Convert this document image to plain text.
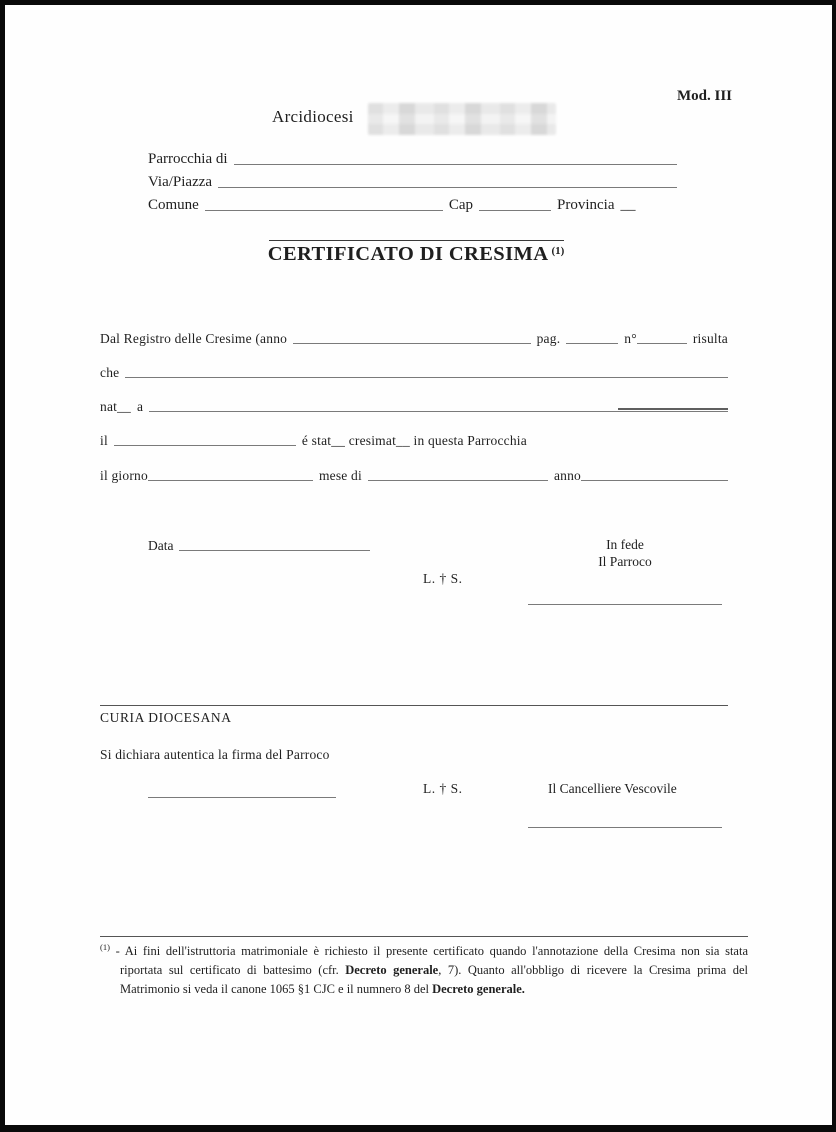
Mod. III
Arcidiocesi
Parrocchia di
Via/Piazza
Comune	Cap	Provincia __
CERTIFICATO DI CRESIMA $^{(1)}$
Dal Registro delle Cresime (anno	pag.	n°	risulta
che
nat__ a
il	é stat__ cresimat__ in questa Parrocchia
il giorno	mese di	anno
Data	In fede
Il Parroco
L. † S.
CURIA DIOCESANA
Si dichiara autentica la firma del Parroco
L. † S.	Il Cancelliere Vescovile
$^{(1)}$ - Ai fini dell'istruttoria matrimoniale è richiesto il presente certificato quando l'annotazione della Cresima non sia stata riportata sul certificato di battesimo (cfr. Decreto generale, 7). Quanto all'obbligo di ricevere la Cresima prima del Matrimonio si veda il canone 1065 §1 CJC e il numnero 8 del Decreto generale.
